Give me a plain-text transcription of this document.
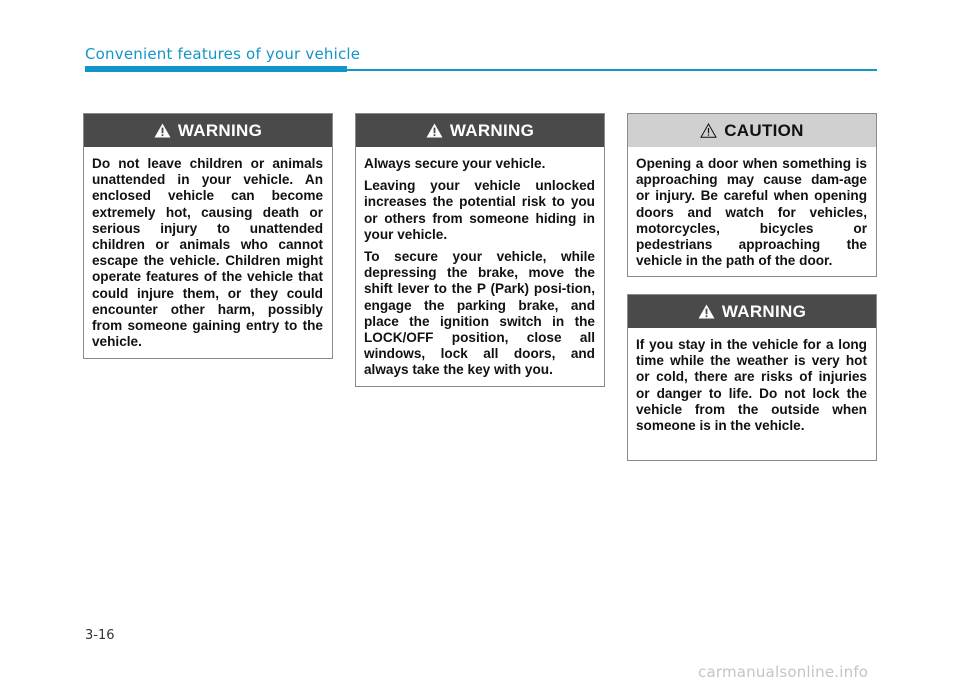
Convenient features of your vehicle
WARNING

Do not leave children or animals unattended in your vehicle. An enclosed vehicle can become extremely hot, causing death or serious injury to unattended children or animals who cannot escape the vehicle. Children might operate features of the vehicle that could injure them, or they could encounter other harm, possibly from someone gaining entry to the vehicle.

WARNING

Always secure your vehicle.

Leaving your vehicle unlocked increases the potential risk to you or others from someone hiding in your vehicle.

To secure your vehicle, while depressing the brake, move the shift lever to the P (Park) posi-tion, engage the parking brake, and place the ignition switch in the LOCK/OFF position, close all windows, lock all doors, and always take the key with you.

CAUTION

Opening a door when something is approaching may cause dam-age or injury. Be careful when opening doors and watch for vehicles, motorcycles, bicycles or pedestrians approaching the vehicle in the path of the door.

WARNING

If you stay in the vehicle for a long time while the weather is very hot or cold, there are risks of injuries or danger to life. Do not lock the vehicle from the outside when someone is in the vehicle.

3-16
carmanualsonline.info
